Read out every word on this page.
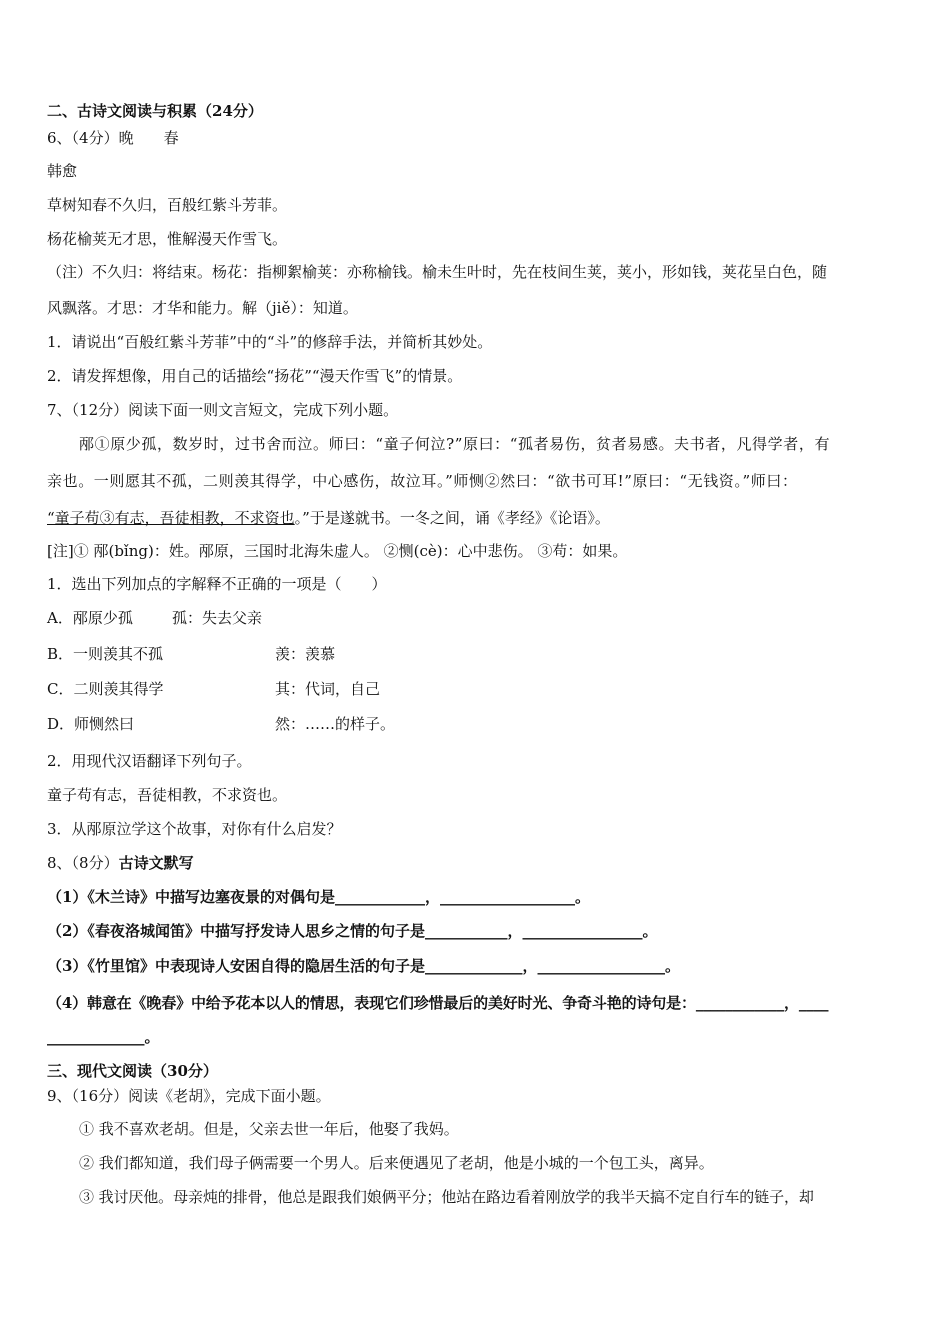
二、古诗文阅读与积累（24分）
6、（4分）晚　　春
韩愈
草树知春不久归，百般红紫斗芳菲。
杨花榆荚无才思，惟解漫天作雪飞。
（注）不久归：将结束。杨花：指柳絮榆荚：亦称榆钱。榆未生叶时，先在枝间生荚，荚小，形如钱，荚花呈白色，随
风飘落。才思：才华和能力。解（jiě）：知道。
1．请说出“百般红紫斗芳菲”中的“斗”的修辞手法，并简析其妙处。
2．请发挥想像，用自己的话描绘“扬花”“漫天作雪飞”的情景。
7、（12分）阅读下面一则文言短文，完成下列小题。
邴①原少孤，数岁时，过书舍而泣。师曰：“童子何泣?”原曰：“孤者易伤，贫者易感。夫书者，凡得学者，有
亲也。一则愿其不孤，二则羡其得学，中心感伤，故泣耳。”师恻②然曰：“欲书可耳!”原曰：“无钱资。”师曰：
“童子苟③有志，吾徒相教，不求资也。”于是遂就书。一冬之间，诵《孝经》《论语》。
[注]① 邴(bǐng)：姓。邴原，三国时北海朱虚人。 ②恻(cè)：心中悲伤。 ③苟：如果。
1．选出下列加点的字解释不正确的一项是（　　）
A．邴原少孤	孤：失去父亲
B．一则羡其不孤	羡：羡慕
C．二则羡其得学	其：代词，自己
D．师恻然曰	然：……的样子。
2．用现代汉语翻译下列句子。
童子苟有志，吾徒相教，不求资也。
3．从邴原泣学这个故事，对你有什么启发？
8、（8分）古诗文默写
（1）《木兰诗》中描写边塞夜景的对偶句是____________，__________________。
（2）《春夜洛城闻笛》中描写抒发诗人思乡之情的句子是___________，________________。
（3）《竹里馆》中表现诗人安困自得的隐居生活的句子是_____________，_________________。
（4）韩意在《晚春》中给予花本以人的情思，表现它们珍惜最后的美好时光、争奇斗艳的诗句是：____________，____
_____________。
三、现代文阅读（30分）
9、（16分）阅读《老胡》，完成下面小题。
① 我不喜欢老胡。但是，父亲去世一年后，他娶了我妈。
② 我们都知道，我们母子俩需要一个男人。后来便遇见了老胡，他是小城的一个包工头，离异。
③ 我讨厌他。母亲炖的排骨，他总是跟我们娘俩平分；他站在路边看着刚放学的我半天搞不定自行车的链子，却
